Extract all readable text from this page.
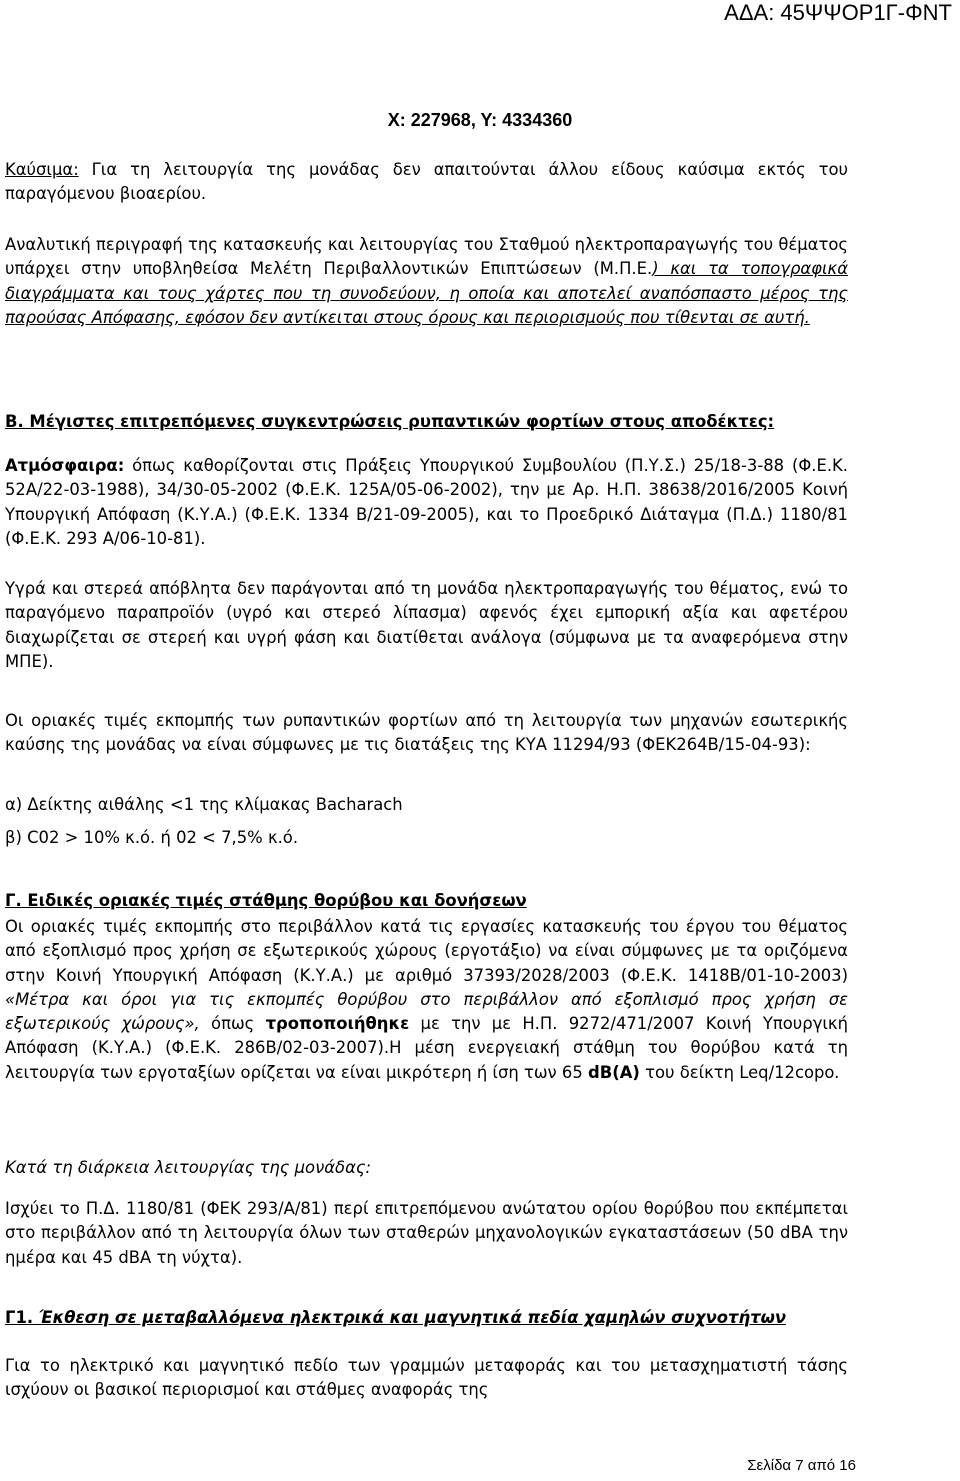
ΑΔΑ: 45ΨΨΟΡ1Γ-ΦΝΤ
Χ: 227968, Υ: 4334360

Καύσιμα: Για τη λειτουργία της μονάδας δεν απαιτούνται άλλου είδους καύσιμα εκτός του παραγόμενου βιοαερίου.

Αναλυτική περιγραφή της κατασκευής και λειτουργίας του Σταθμού ηλεκτροπαραγωγής του θέματος υπάρχει στην υποβληθείσα Μελέτη Περιβαλλοντικών Επιπτώσεων (Μ.Π.Ε.) και τα τοπογραφικά διαγράμματα και τους χάρτες που τη συνοδεύουν, η οποία και αποτελεί αναπόσπαστο μέρος της παρούσας Απόφασης, εφόσον δεν αντίκειται στους όρους και περιορισμούς που τίθενται σε αυτή.

Β. Μέγιστες επιτρεπόμενες συγκεντρώσεις ρυπαντικών φορτίων στους αποδέκτες:

Ατμόσφαιρα: όπως καθορίζονται στις Πράξεις Υπουργικού Συμβουλίου (Π.Υ.Σ.) 25/18-3-88 (Φ.Ε.Κ. 52Α/22-03-1988), 34/30-05-2002 (Φ.Ε.Κ. 125Α/05-06-2002), την με Αρ. Η.Π. 38638/2016/2005 Κοινή Υπουργική Απόφαση (Κ.Υ.Α.) (Φ.Ε.Κ. 1334 Β/21-09-2005), και το Προεδρικό Διάταγμα (Π.Δ.) 1180/81 (Φ.Ε.Κ. 293 Α/06-10-81).

Υγρά και στερεά απόβλητα δεν παράγονται από τη μονάδα ηλεκτροπαραγωγής του θέματος, ενώ το παραγόμενο παραπροϊόν (υγρό και στερεό λίπασμα) αφενός έχει εμπορική αξία και αφετέρου διαχωρίζεται σε στερεή και υγρή φάση και διατίθεται ανάλογα (σύμφωνα με τα αναφερόμενα στην ΜΠΕ).

Οι οριακές τιμές εκπομπής των ρυπαντικών φορτίων από τη λειτουργία των μηχανών εσωτερικής καύσης της μονάδας να είναι σύμφωνες με τις διατάξεις της ΚΥΑ 11294/93 (ΦΕΚ264Β/15-04-93):

α) Δείκτης αιθάλης <1 της κλίμακας Bacharach

β) C02 > 10% κ.ό. ή 02 < 7,5% κ.ό.

Γ. Ειδικές οριακές τιμές στάθμης θορύβου και δονήσεων

Οι οριακές τιμές εκπομπής στο περιβάλλον κατά τις εργασίες κατασκευής του έργου του θέματος από εξοπλισμό προς χρήση σε εξωτερικούς χώρους (εργοτάξιο) να είναι σύμφωνες με τα οριζόμενα στην Κοινή Υπουργική Απόφαση (Κ.Υ.Α.) με αριθμό 37393/2028/2003 (Φ.Ε.Κ. 1418Β/01-10-2003) «Μέτρα και όροι για τις εκπομπές θορύβου στο περιβάλλον από εξοπλισμό προς χρήση σε εξωτερικούς χώρους», όπως τροποποιήθηκε με την με Η.Π. 9272/471/2007 Κοινή Υπουργική Απόφαση (Κ.Υ.Α.) (Φ.Ε.Κ. 286Β/02-03-2007).Η μέση ενεργειακή στάθμη του θορύβου κατά τη λειτουργία των εργοταξίων ορίζεται να είναι μικρότερη ή ίση των 65 dB(A) του δείκτη Leq/12copo.

Κατά τη διάρκεια λειτουργίας της μονάδας:

Ισχύει το Π.Δ. 1180/81 (ΦΕΚ 293/Α/81) περί επιτρεπόμενου ανώτατου ορίου θορύβου που εκπέμπεται στο περιβάλλον από τη λειτουργία όλων των σταθερών μηχανολογικών εγκαταστάσεων (50 dBA την ημέρα και 45 dBA τη νύχτα).

Γ1. Έκθεση σε μεταβαλλόμενα ηλεκτρικά και μαγνητικά πεδία χαμηλών συχνοτήτων

Για το ηλεκτρικό και μαγνητικό πεδίο των γραμμών μεταφοράς και του μετασχηματιστή τάσης ισχύουν οι βασικοί περιορισμοί και στάθμες αναφοράς της

Σελίδα 7 από 16
